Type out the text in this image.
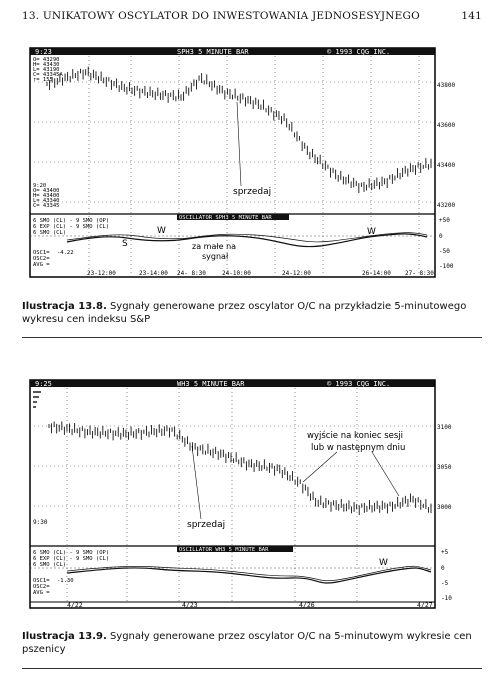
13. UNIKATOWY OSCYLATOR DO INWESTOWANIA JEDNOSESYJNEGO	141
9:23	SPH3 5 MINUTE BAR	© 1993 CQG INC.
O= 43290
H= 43430
L= 43190
C= 43345A
↑= 155
9:20
O= 43400
H= 43400
L= 43340
C= 43345
43800
43600
43400
43200
sprzedaj
OSCILLATOR SPH3 5 MINUTE BAR
6 SMO (CL) - 9 SMO (OP)
6 EXP (CL) - 9 SMO (CL)
6 SMO (CL)
OSC1=
OSC2=
AVG =
-4.22
+50
0
-50
-100
W
S	za małe na
sygnał
W
23-12:00	23-14:00 24- 8:30	24-10:00	24-12:00	26-14:00 27- 8:30
Ilustracja 13.8. Sygnały generowane przez oscylator O/C na przykładzie 5-minutowego wykresu cen indeksu S&P
9:25	WH3 5 MINUTE BAR	© 1993 CQG INC.
3100
3050
3000
9:30
wyjście na koniec sesji
lub w następnym dniu
sprzedaj
OSCILLATOR WH3 5 MINUTE BAR
6 SMO (CL) - 9 SMO (OP)
6 EXP (CL) - 9 SMO (CL)
6 SMO (CL)
OSC1=
OSC2=
AVG =
-1.30
+5
0
-5
-10
W
4/22	4/23	4/26	4/27
Ilustracja 13.9. Sygnały generowane przez oscylator O/C na 5-minutowym wykresie cen pszenicy
